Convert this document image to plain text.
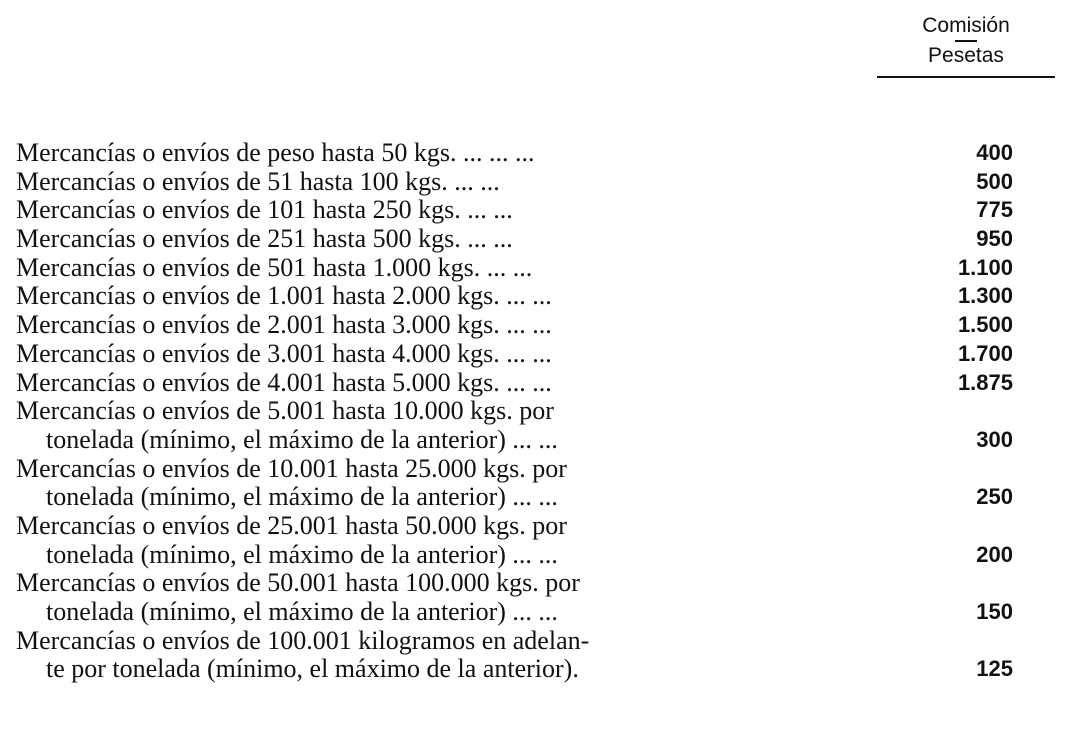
Comisión
Pesetas
Mercancías o envíos de peso hasta 50 kgs. ... ... ...	400
Mercancías o envíos de 51 hasta 100 kgs. ... ...	500
Mercancías o envíos de 101 hasta 250 kgs. ... ...	775
Mercancías o envíos de 251 hasta 500 kgs. ... ...	950
Mercancías o envíos de 501 hasta 1.000 kgs. ... ...	1.100
Mercancías o envíos de 1.001 hasta 2.000 kgs. ... ...	1.300
Mercancías o envíos de 2.001 hasta 3.000 kgs. ... ...	1.500
Mercancías o envíos de 3.001 hasta 4.000 kgs. ... ...	1.700
Mercancías o envíos de 4.001 hasta 5.000 kgs. ... ...	1.875
Mercancías o envíos de 5.001 hasta 10.000 kgs. por
tonelada (mínimo, el máximo de la anterior) ... ...	300
Mercancías o envíos de 10.001 hasta 25.000 kgs. por
tonelada (mínimo, el máximo de la anterior) ... ...	250
Mercancías o envíos de 25.001 hasta 50.000 kgs. por
tonelada (mínimo, el máximo de la anterior) ... ...	200
Mercancías o envíos de 50.001 hasta 100.000 kgs. por
tonelada (mínimo, el máximo de la anterior) ... ...	150
Mercancías o envíos de 100.001 kilogramos en adelan-
te por tonelada (mínimo, el máximo de la anterior).	125
